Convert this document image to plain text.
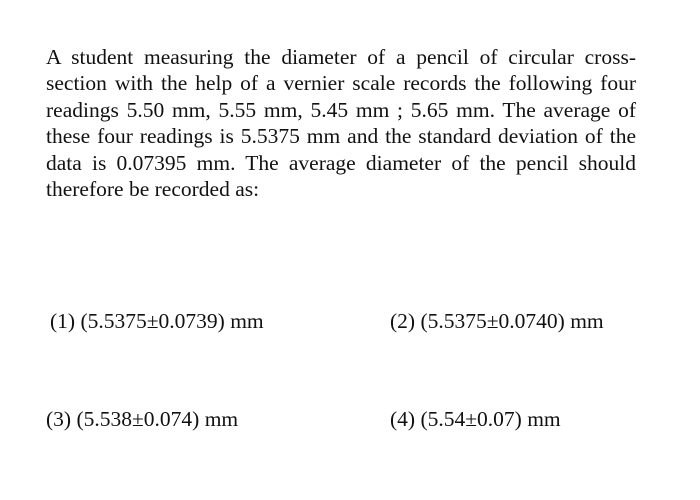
A student measuring the diameter of a pencil of circular cross-section with the help of a vernier scale records the following four readings 5.50 mm, 5.55 mm, 5.45 mm ; 5.65 mm. The average of these four readings is 5.5375 mm and the standard deviation of the data is 0.07395 mm. The average diameter of the pencil should therefore be recorded as:

(1) (5.5375±0.0739) mm	(2) (5.5375±0.0740) mm
(3) (5.538±0.074) mm	(4) (5.54±0.07) mm
